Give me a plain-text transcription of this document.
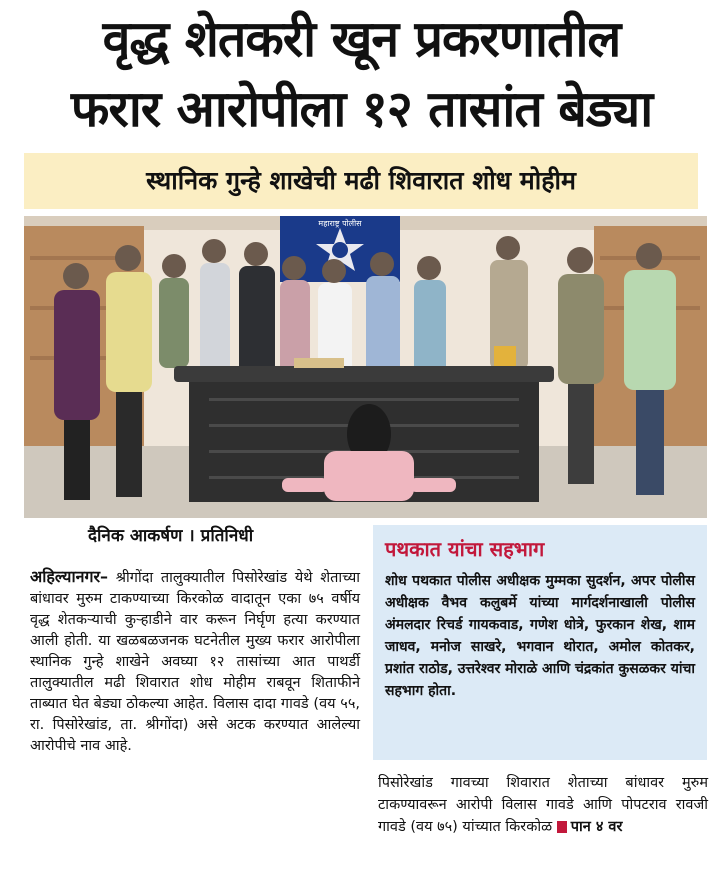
वृद्ध शेतकरी खून प्रकरणातील
फरार आरोपीला १२ तासांत बेड्या
स्थानिक गुन्हे शाखेची मढी शिवारात शोध मोहीम
महाराष्ट्र पोलीस
दैनिक आकर्षण । प्रतिनिधी
अहिल्यानगर– श्रीगोंदा तालुक्यातील पिसोरेखांड येथे शेताच्या बांधावर मुरुम टाकण्याच्या किरकोळ वादातून एका ७५ वर्षीय वृद्ध शेतकऱ्याची कुऱ्हाडीने वार करून निर्घृण हत्या करण्यात आली होती. या खळबळजनक घटनेतील मुख्य फरार आरोपीला स्थानिक गुन्हे शाखेने अवघ्या १२ तासांच्या आत पाथर्डी तालुक्यातील मढी शिवारात शोध मोहीम राबवून शिताफीने ताब्यात घेत बेड्या ठोकल्या आहेत. विलास दादा गावडे (वय ५५, रा. पिसोरेखांड, ता. श्रीगोंदा) असे अटक करण्यात आलेल्या आरोपीचे नाव आहे.
पथकात यांचा सहभाग
शोध पथकात पोलीस अधीक्षक मुम्मका सुदर्शन, अपर पोलीस अधीक्षक वैभव कलुबर्मे यांच्या मार्गदर्शनाखाली पोलीस अंमलदार रिचर्ड गायकवाड, गणेश धोत्रे, फुरकान शेख, शाम जाधव, मनोज साखरे, भगवान थोरात, अमोल कोतकर, प्रशांत राठोड, उत्तरेश्वर मोराळे आणि चंद्रकांत कुसळकर यांचा सहभाग होता.
पिसोरेखांड गावच्या शिवारात शेताच्या बांधावर मुरुम टाकण्यावरून आरोपी विलास गावडे आणि पोपटराव रावजी गावडे (वय ७५) यांच्यात किरकोळ पान ४ वर
